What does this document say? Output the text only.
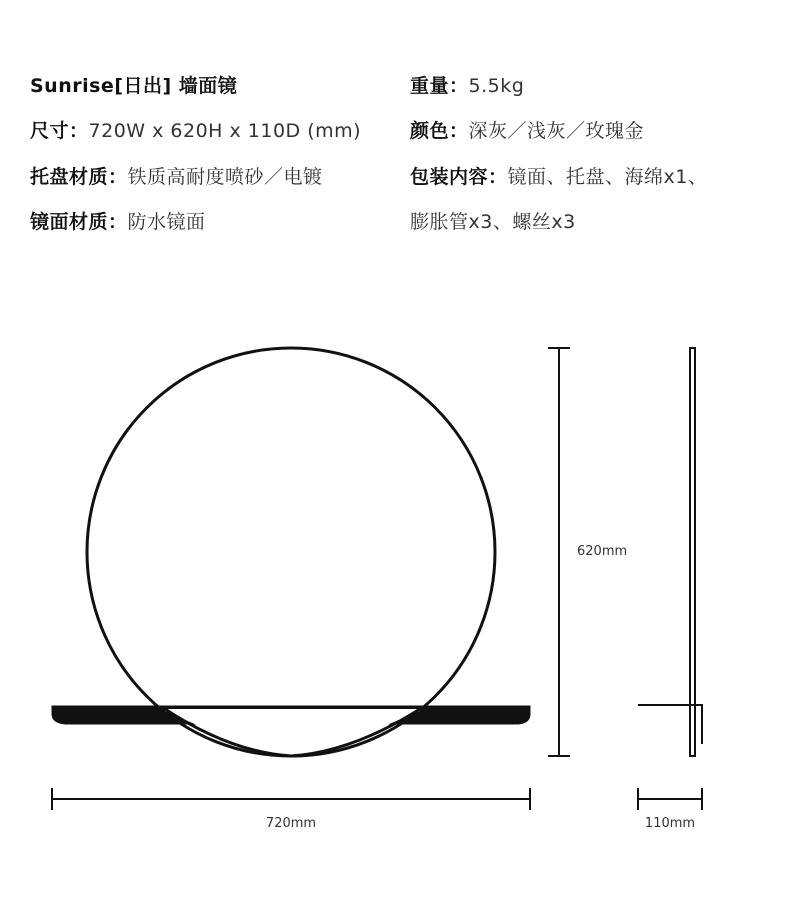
Sunrise[日出] 墙面镜
尺寸：720W x 620H x 110D (mm)
托盘材质：铁质高耐度喷砂／电镀
镜面材质：防水镜面
重量：5.5kg
颜色：深灰／浅灰／玫瑰金
包装内容：镜面、托盘、海绵x1、
膨胀管x3、螺丝x3
620mm
720mm	110mm
